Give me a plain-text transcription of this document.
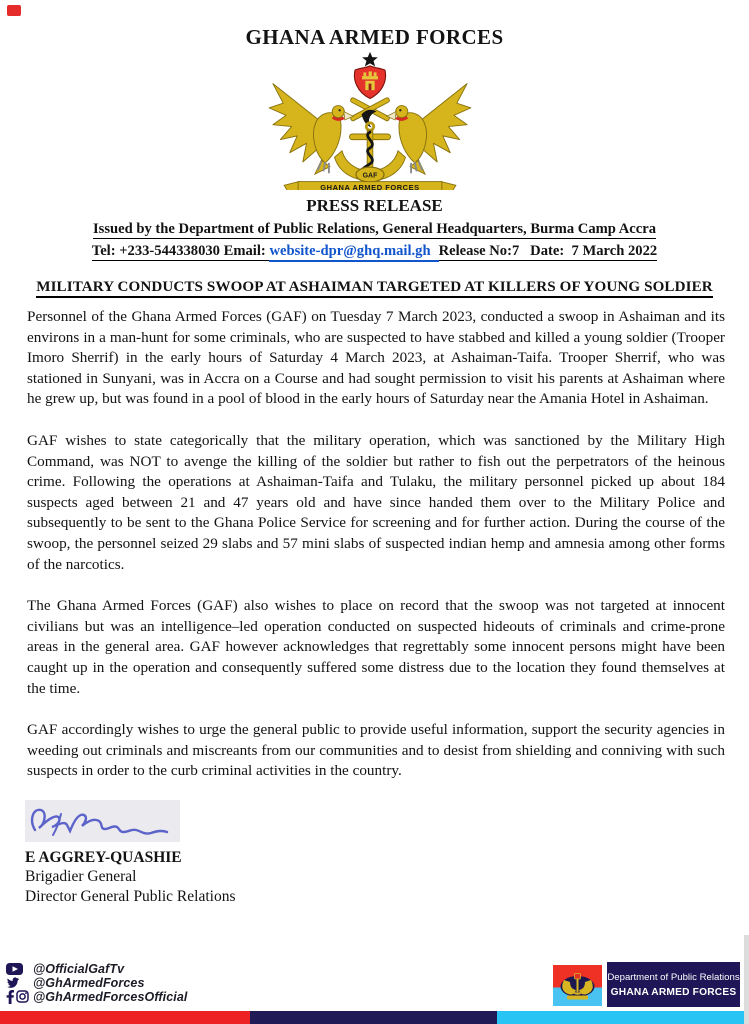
GHANA ARMED FORCES
GAF
GHANA ARMED FORCES
PRESS RELEASE
Issued by the Department of Public Relations, General Headquarters, Burma Camp Accra
Tel: +233-544338030 Email: website-dpr@ghq.mail.gh Release No:7   Date:  7 March 2022
MILITARY CONDUCTS SWOOP AT ASHAIMAN TARGETED AT KILLERS OF YOUNG SOLDIER

Personnel of the Ghana Armed Forces (GAF) on Tuesday 7 March 2023, conducted a swoop in Ashaiman and its environs in a man-hunt for some criminals, who are suspected to have stabbed and killed a young soldier (Trooper Imoro Sherrif) in the early hours of Saturday 4 March 2023, at Ashaiman-Taifa. Trooper Sherrif, who was stationed in Sunyani, was in Accra on a Course and had sought permission to visit his parents at Ashaiman where he grew up, but was found in a pool of blood in the early hours of Saturday near the Amania Hotel in Ashaiman.

GAF wishes to state categorically that the military operation, which was sanctioned by the Military High Command, was NOT to avenge the killing of the soldier but rather to fish out the perpetrators of the heinous crime. Following the operations at Ashaiman-Taifa and Tulaku, the military personnel picked up about 184 suspects aged between 21 and 47 years old and have since handed them over to the Military Police and subsequently to be sent to the Ghana Police Service for screening and for further action. During the course of the swoop, the personnel seized 29 slabs and 57 mini slabs of suspected indian hemp and amnesia among other forms of the narcotics.

The Ghana Armed Forces (GAF) also wishes to place on record that the swoop was not targeted at innocent civilians but was an intelligence–led operation conducted on suspected hideouts of criminals and crime-prone areas in the general area. GAF however acknowledges that regrettably some innocent persons might have been caught up in the operation and consequently suffered some distress due to the location they found themselves at the time.

GAF accordingly wishes to urge the general public to provide useful information, support the security agencies in weeding out criminals and miscreants from our communities and to desist from shielding and conniving with such suspects in order to the curb criminal activities in the country.

E AGGREY-QUASHIE
Brigadier General
Director General Public Relations
@OfficialGafTv
@GhArmedForces
@GhArmedForcesOfficial
Department of Public Relations
GHANA ARMED FORCES
